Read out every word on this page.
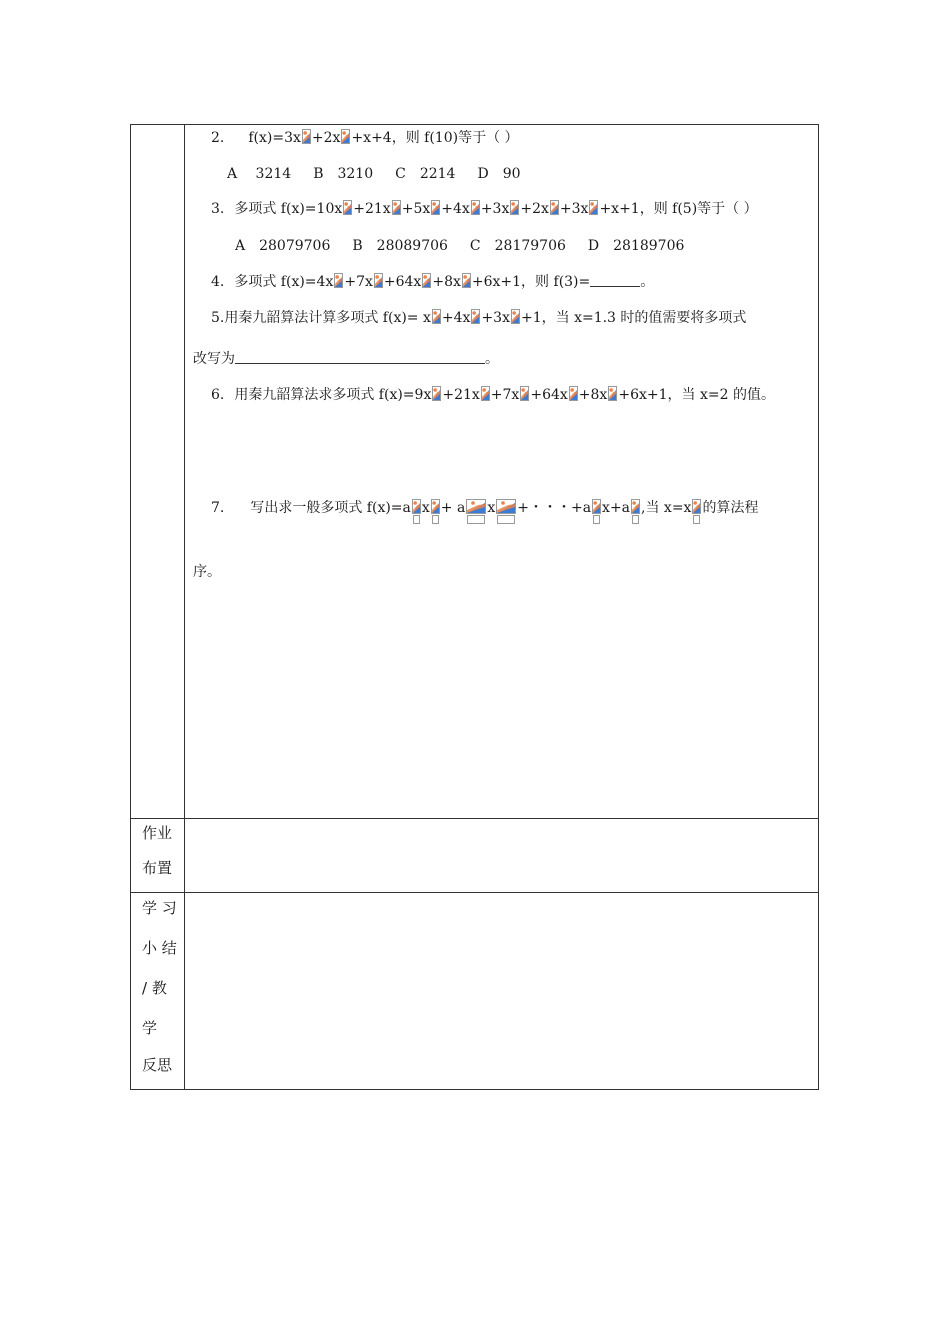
2. f(x)=3x +2x +x+4，则 f(10)等于（ ）
A　 3214 B　3210 C　2214 D　90
3. 多项式 f(x)=10x +21x +5x +4x +3x +2x +3x +x+1，则 f(5)等于（ ）
A　28079706 B　28089706 C　28179706 D　28189706
4. 多项式 f(x)=4x +7x +64x +8x +6x+1，则 f(3)=	。
5. 用秦九韶算法计算多项式 f(x)= x +4x +3x +1，当 x=1.3 时的值需要将多项式
改写为	。
6. 用秦九韶算法求多项式 f(x)=9x +21x +7x +64x +8x +6x+1，当 x=2 的值。
7. 写出求一般多项式 f(x)=a x + a x +・・・+a x+a ,当 x=x 的算法程
序。
作业
布置
学 习
小 结
/ 教
学
反思
